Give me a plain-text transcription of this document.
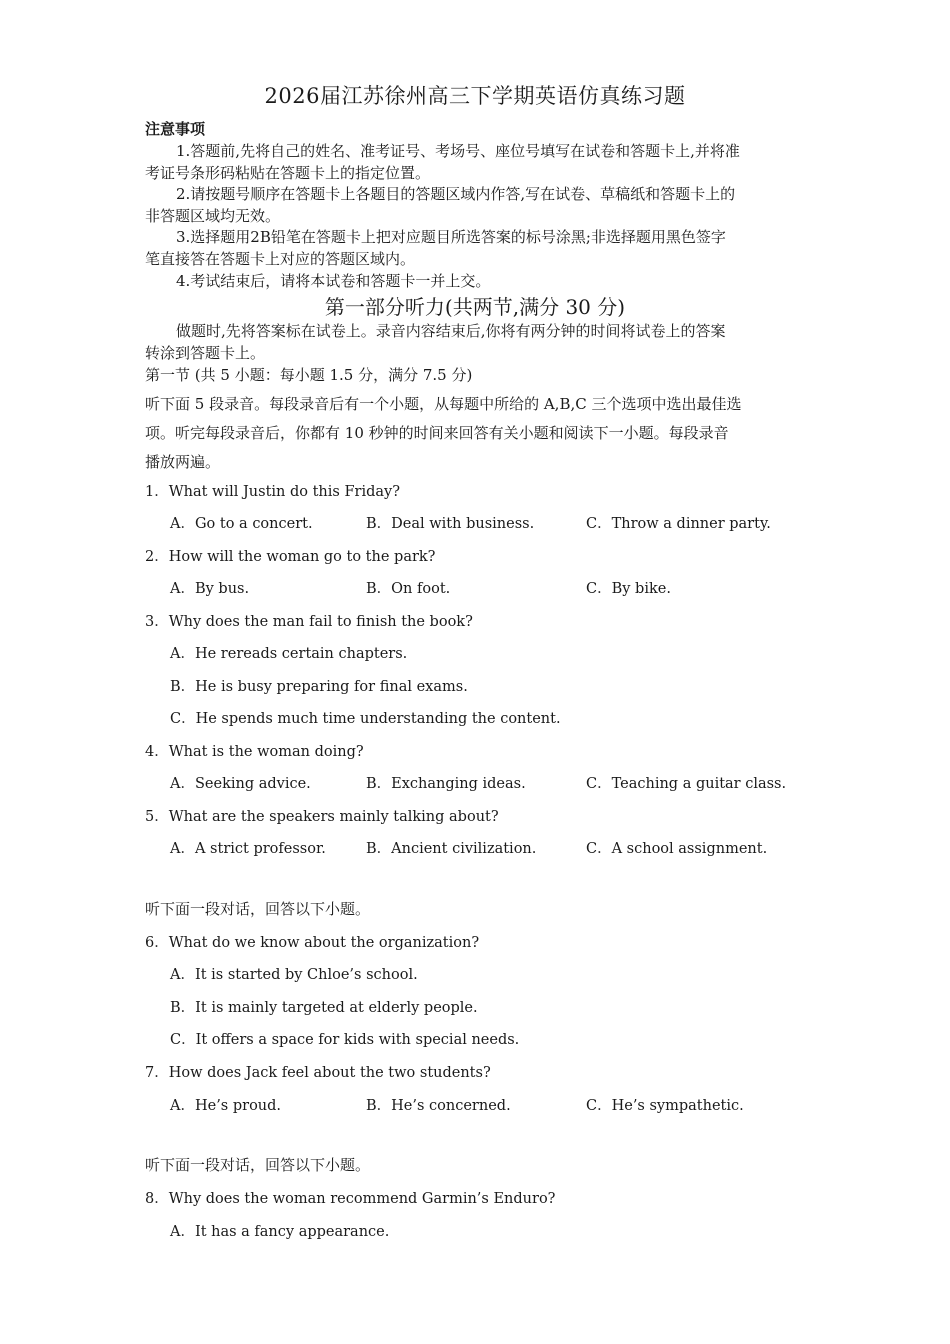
2026届江苏徐州高三下学期英语仿真练习题
注意事项
1.答题前,先将自己的姓名、准考证号、考场号、座位号填写在试卷和答题卡上,并将准
考证号条形码粘贴在答题卡上的指定位置。
2.请按题号顺序在答题卡上各题目的答题区域内作答,写在试卷、草稿纸和答题卡上的
非答题区域均无效。
3.选择题用2B铅笔在答题卡上把对应题目所选答案的标号涂黑;非选择题用黑色签字
笔直接答在答题卡上对应的答题区域内。
4.考试结束后，请将本试卷和答题卡一并上交。
第一部分听力(共两节,满分 30 分)
做题时,先将答案标在试卷上。录音内容结束后,你将有两分钟的时间将试卷上的答案
转涂到答题卡上。
第一节 (共 5 小题：每小题 1.5 分，满分 7.5 分)
听下面 5 段录音。每段录音后有一个小题，从每题中所给的 A,B,C 三个选项中选出最佳选
项。听完每段录音后，你都有 10 秒钟的时间来回答有关小题和阅读下一小题。每段录音
播放两遍。
1．What will Justin do this Friday?
A．Go to a concert.	B．Deal with business.	C．Throw a dinner party.
2．How will the woman go to the park?
A．By bus.	B．On foot.	C．By bike.
3．Why does the man fail to finish the book?
A．He rereads certain chapters.
B．He is busy preparing for final exams.
C．He spends much time understanding the content.
4．What is the woman doing?
A．Seeking advice.	B．Exchanging ideas.	C．Teaching a guitar class.
5．What are the speakers mainly talking about?
A．A strict professor.	B．Ancient civilization.	C．A school assignment.
听下面一段对话，回答以下小题。
6．What do we know about the organization?
A．It is started by Chloe’s school.
B．It is mainly targeted at elderly people.
C．It offers a space for kids with special needs.
7．How does Jack feel about the two students?
A．He’s proud.	B．He’s concerned.	C．He’s sympathetic.
听下面一段对话，回答以下小题。
8．Why does the woman recommend Garmin’s Enduro?
A．It has a fancy appearance.
